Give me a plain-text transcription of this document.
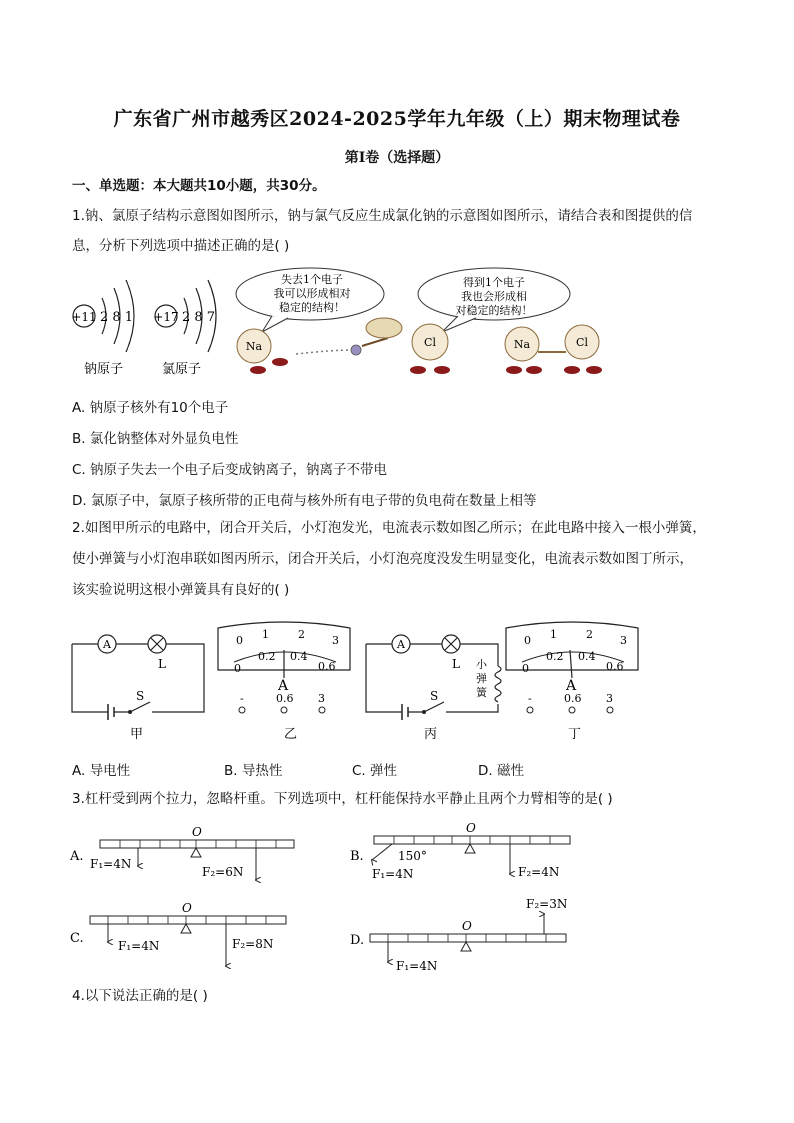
广东省广州市越秀区2024-2025学年九年级（上）期末物理试卷
第I卷（选择题）
一、单选题：本大题共10小题，共30分。
1.钠、氯原子结构示意图如图所示，钠与氯气反应生成氯化钠的示意图如图所示，请结合表和图提供的信
息，分析下列选项中描述正确的是( )
+11 2 8 1
钠原子
+17 2 8 7
氯原子
失去1个电子
我可以形成相对
稳定的结构！
得到1个电子
我也会形成相
对稳定的结构！
Na	Cl	Na	Cl
A. 钠原子核外有10个电子
B. 氯化钠整体对外显负电性
C. 钠原子失去一个电子后变成钠离子，钠离子不带电
D. 氯原子中，氯原子核所带的正电荷与核外所有电子带的负电荷在数量上相等
2.如图甲所示的电路中，闭合开关后，小灯泡发光，电流表示数如图乙所示；在此电路中接入一根小弹簧，
使小弹簧与小灯泡串联如图丙所示，闭合开关后，小灯泡亮度没发生明显变化，电流表示数如图丁所示，
该实验说明这根小弹簧具有良好的( )
A
L
S
甲
0 1	2 3
0
0.2 0.4
0.6
A
-	0.6 3
乙
A
L 小
弹
簧
S
丙
0 1	2 3
0
0.2 0.4
0.6
A
-	0.6 3
丁
A. 导电性	B. 导热性	C. 弹性	D. 磁性
3.杠杆受到两个拉力，忽略杆重。下列选项中，杠杆能保持水平静止且两个力臂相等的是( )
A.
O
F₁=4N
F₂=6N
B.
O
150°
F₁=4N	F₂=4N
C.
O
F₁=4N	F₂=8N	D.
O
F₁=4N
F₂=3N
4.以下说法正确的是( )
